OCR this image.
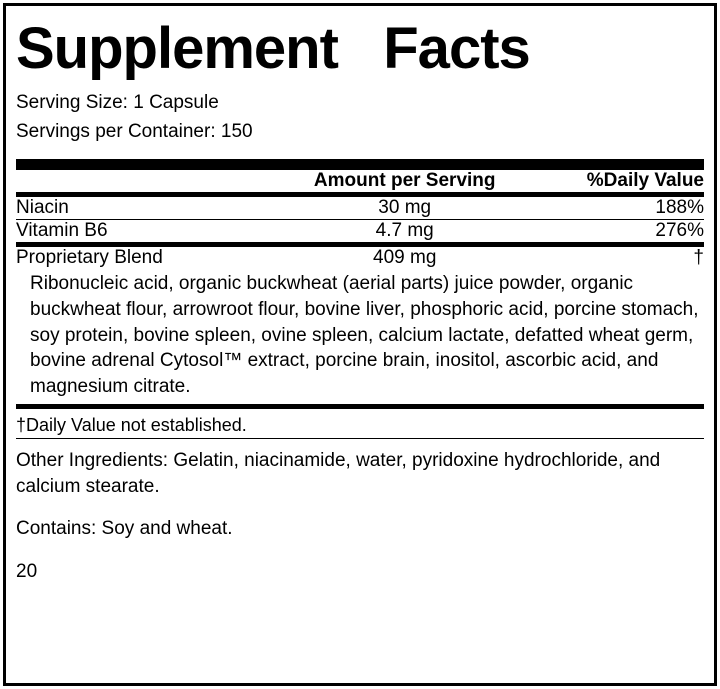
Supplement   Facts
Serving Size: 1 Capsule
Servings per Container: 150
	Amount per Serving	%Daily Value
Niacin	30 mg	188%
Vitamin B6	4.7 mg	276%
Proprietary Blend	409 mg	†
Ribonucleic acid, organic buckwheat (aerial parts) juice powder, organic buckwheat flour, arrowroot flour, bovine liver, phosphoric acid, porcine stomach, soy protein, bovine spleen, ovine spleen, calcium lactate, defatted wheat germ, bovine adrenal Cytosol™ extract, porcine brain, inositol, ascorbic acid, and magnesium citrate.
†Daily Value not established.
Other Ingredients: Gelatin, niacinamide, water, pyridoxine hydrochloride, and calcium stearate.
Contains: Soy and wheat.
20
